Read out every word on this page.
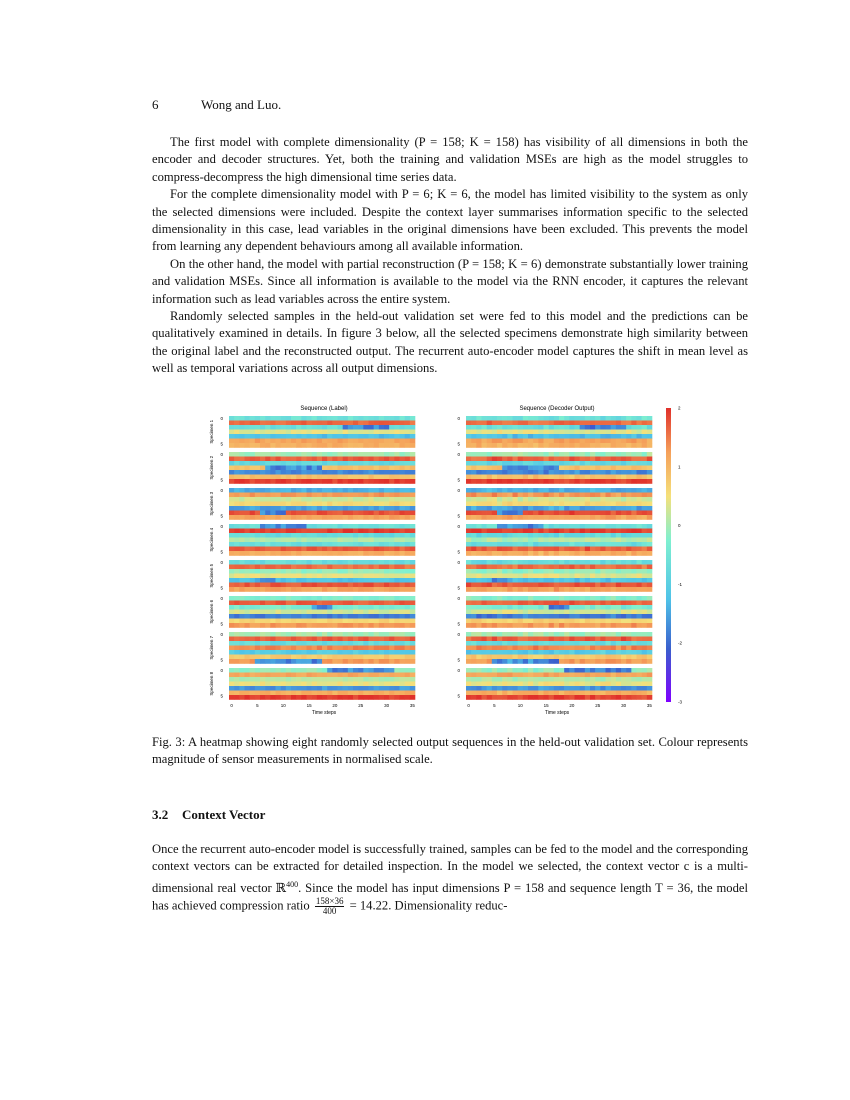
6	Wong and Luo.

The first model with complete dimensionality (P = 158; K = 158) has visibility of all dimensions in both the encoder and decoder structures. Yet, both the training and validation MSEs are high as the model struggles to compress-decompress the high dimensional time series data.

For the complete dimensionality model with P = 6; K = 6, the model has limited visibility to the system as only the selected dimensions were included. Despite the context layer summarises information specific to the selected dimensionality in this case, lead variables in the original dimensions have been excluded. This prevents the model from learning any dependent behaviours among all available information.

On the other hand, the model with partial reconstruction (P = 158; K = 6) demonstrate substantially lower training and validation MSEs. Since all information is available to the model via the RNN encoder, it captures the relevant information such as lead variables across the entire system.

Randomly selected samples in the held-out validation set were fed to this model and the predictions can be qualitatively examined in details. In figure 3 below, all the selected specimens demonstrate high similarity between the original label and the reconstructed output. The recurrent auto-encoder model captures the shift in mean level as well as temporal variations across all output dimensions.

Sequence (Label)	Sequence (Decoder Output)
0	5	10	15	20	25	30	35	0	5	10	15	20	25	30	35
Time steps	Time steps
2
1
0
-1
-2
-3
0
5
0
5
Specimen 1
0
5
0
5
Specimen 2
0
5
0
5
Specimen 3
0
5
0
5
Specimen 4
0
5
0
5
Specimen 5
0
5
0
5
Specimen 6
0
5
0
5
Specimen 7
0
5
0
5
Specimen 8
Fig. 3: A heatmap showing eight randomly selected output sequences in the held-out validation set. Colour represents magnitude of sensor measurements in normalised scale.
3.2 Context Vector

Once the recurrent auto-encoder model is successfully trained, samples can be fed to the model and the corresponding context vectors can be extracted for detailed inspection. In the model we selected, the context vector c is a multi-dimensional real vector ℝ$^{400}$. Since the model has input dimensions P = 158 and sequence length T = 36, the model has achieved compression ratio $\frac{158\times 36}{400} = 14.22$. Dimensionality reduc-
